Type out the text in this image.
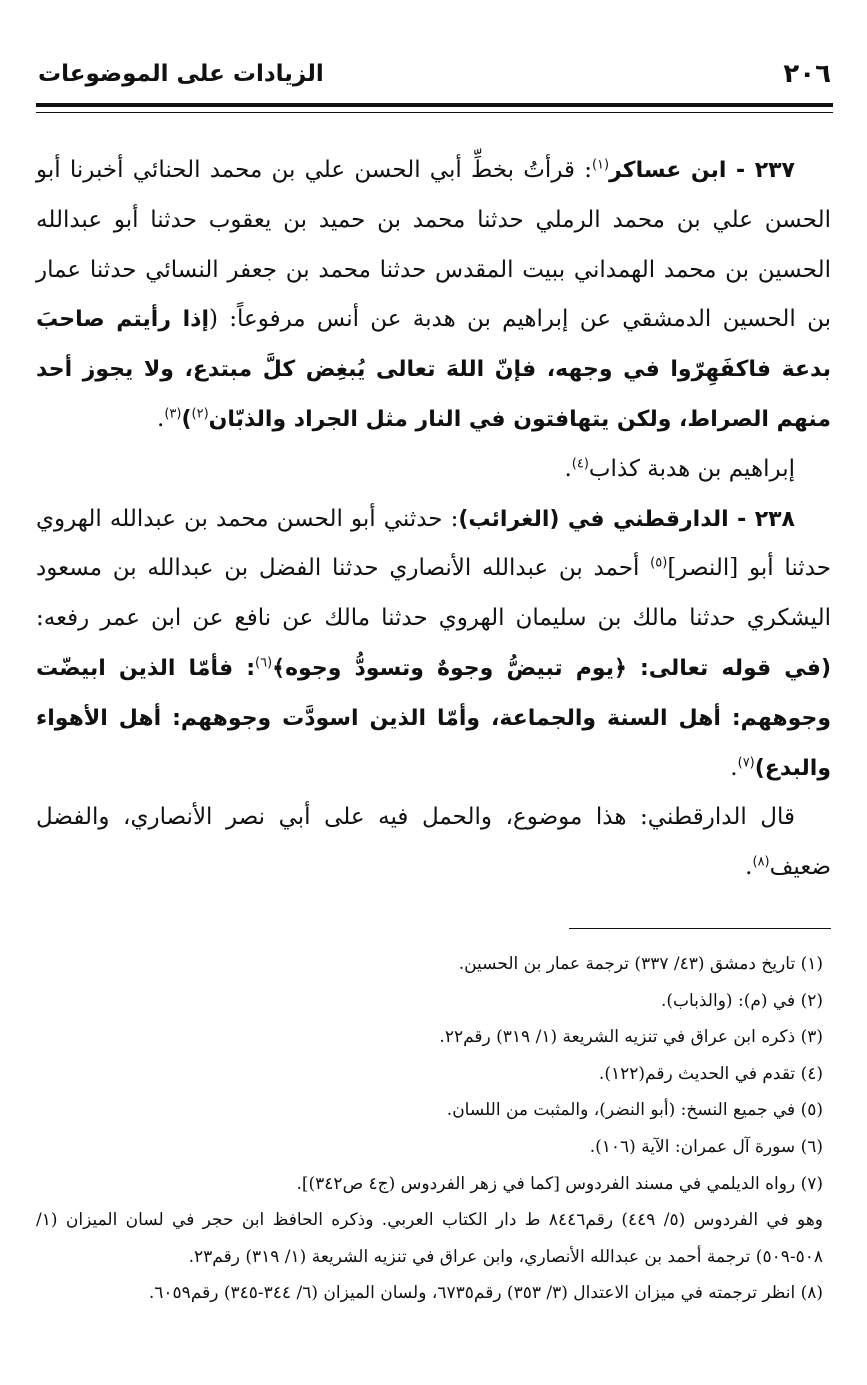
٢٠٦
الزيادات على الموضوعات

٢٣٧ - ابن عساكر$^{(١)}$: قرأتُ بخطِّ أبي الحسن علي بن محمد الحنائي أخبرنا أبو الحسن علي بن محمد الرملي حدثنا محمد بن حميد بن يعقوب حدثنا أبو عبدالله الحسين بن محمد الهمداني ببيت المقدس حدثنا محمد بن جعفر النسائي حدثنا عمار بن الحسين الدمشقي عن إبراهيم بن هدبة عن أنس مرفوعاً: (إذا رأيتم صاحبَ بدعة فاكفَهِرّوا في وجهه، فإنّ اللهَ تعالى يُبغِض كلَّ مبتدع، ولا يجوز أحد منهم الصراط، ولكن يتهافتون في النار مثل الجراد والذبّان$^{(٢)}$)$^{(٣)}$.

إبراهيم بن هدبة كذاب$^{(٤)}$.

٢٣٨ - الدارقطني في (الغرائب): حدثني أبو الحسن محمد بن عبدالله الهروي حدثنا أبو [النصر]$^{(٥)}$ أحمد بن عبدالله الأنصاري حدثنا الفضل بن عبدالله بن مسعود اليشكري حدثنا مالك بن سليمان الهروي حدثنا مالك عن نافع عن ابن عمر رفعه: (في قوله تعالى: ﴿يوم تبيضُّ وجوهٌ وتسودُّ وجوه﴾$^{(٦)}$: فأمّا الذين ابيضّت وجوههم: أهل السنة والجماعة، وأمّا الذين اسودَّت وجوههم: أهل الأهواء والبدع)$^{(٧)}$.

قال الدارقطني: هذا موضوع، والحمل فيه على أبي نصر الأنصاري، والفضل ضعيف$^{(٨)}$.

(١) تاريخ دمشق (٤٣/ ٣٣٧) ترجمة عمار بن الحسين.

(٢) في (م): (والذباب).

(٣) ذكره ابن عراق في تنزيه الشريعة (١/ ٣١٩) رقم٢٢.

(٤) تقدم في الحديث رقم(١٢٢).

(٥) في جميع النسخ: (أبو النضر)، والمثبت من اللسان.

(٦) سورة آل عمران: الآية (١٠٦).

(٧) رواه الديلمي في مسند الفردوس [كما في زهر الفردوس (ج٤ ص٣٤٢)].

وهو في الفردوس (٥/ ٤٤٩) رقم٨٤٤٦ ط دار الكتاب العربي. وذكره الحافظ ابن حجر في لسان الميزان (١/ ٥٠٨-٥٠٩) ترجمة أحمد بن عبدالله الأنصاري، وابن عراق في تنزيه الشريعة (١/ ٣١٩) رقم٢٣.

(٨) انظر ترجمته في ميزان الاعتدال (٣/ ٣٥٣) رقم٦٧٣٥، ولسان الميزان (٦/ ٣٤٤-٣٤٥) رقم٦٠٥٩.
